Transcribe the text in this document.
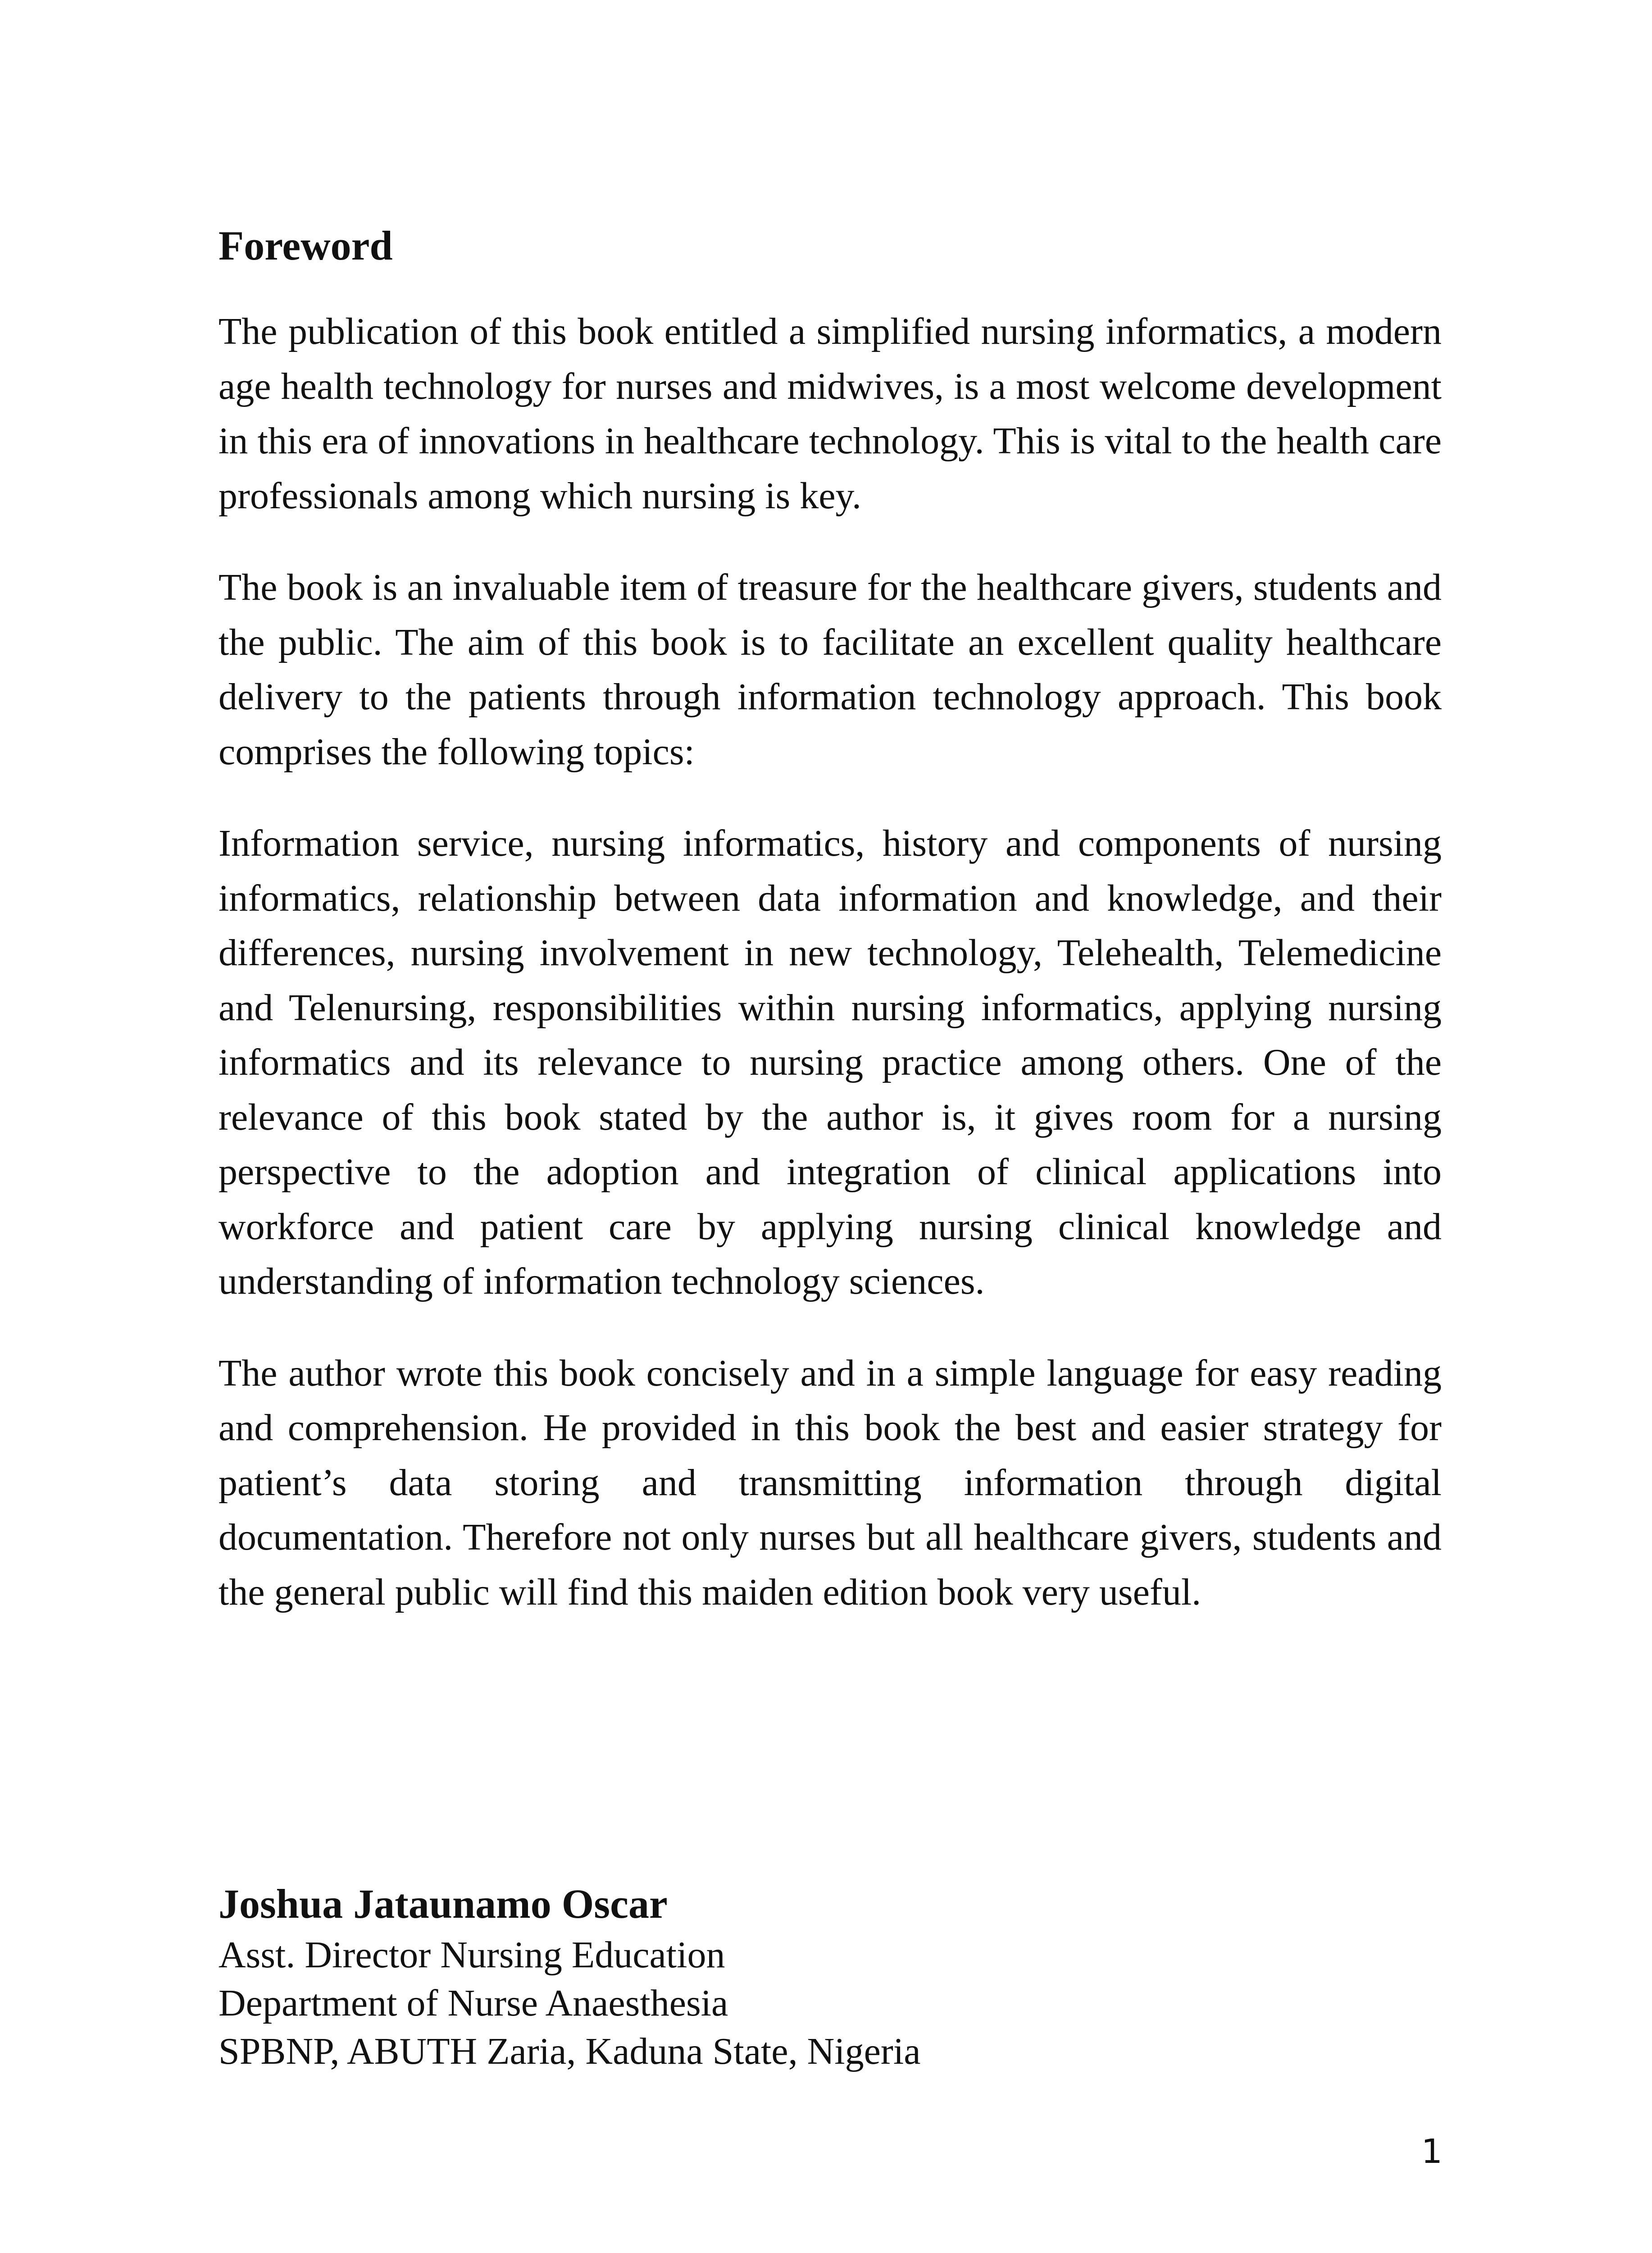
Foreword

The publication of this book entitled a simplified nursing informatics, a modern age health technology for nurses and midwives, is a most welcome development in this era of innovations in healthcare technology. This is vital to the health care professionals among which nursing is key.

The book is an invaluable item of treasure for the healthcare givers, students and the public. The aim of this book is to facilitate an excellent quality healthcare delivery to the patients through information technology approach. This book comprises the following topics:

Information service, nursing informatics, history and components of nursing informatics, relationship between data information and knowledge, and their differences, nursing involvement in new technology, Telehealth, Telemedicine and Telenursing, responsibilities within nursing informatics, applying nursing informatics and its relevance to nursing practice among others. One of the relevance of this book stated by the author is, it gives room for a nursing perspective to the adoption and integration of clinical applications into workforce and patient care by applying nursing clinical knowledge and understanding of information technology sciences.

The author wrote this book concisely and in a simple language for easy reading and comprehension. He provided in this book the best and easier strategy for patient’s data storing and transmitting information through digital documentation. Therefore not only nurses but all healthcare givers, students and the general public will find this maiden edition book very useful.

Joshua Jataunamo Oscar

Asst. Director Nursing Education

Department of Nurse Anaesthesia

SPBNP, ABUTH Zaria, Kaduna State, Nigeria

1
